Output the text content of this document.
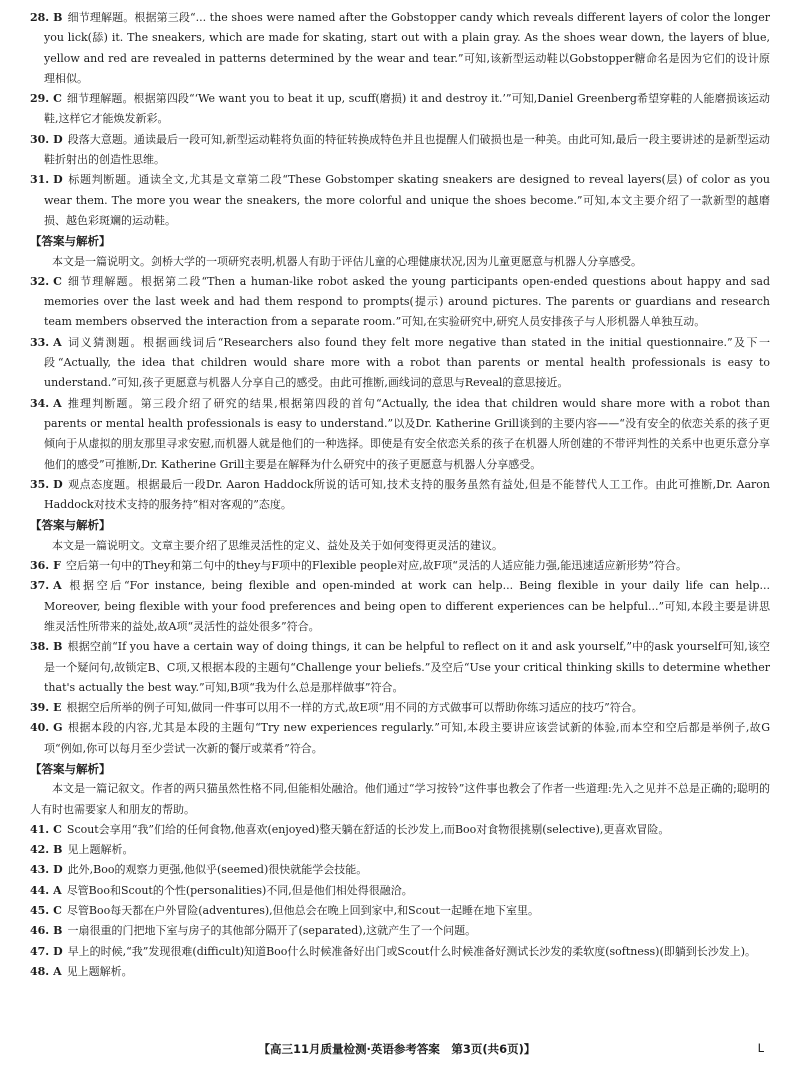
28. B 细节理解题。根据第三段“... the shoes were named after the Gobstopper candy which reveals different layers of color the longer you lick(舔) it. The sneakers, which are made for skating, start out with a plain gray. As the shoes wear down, the layers of blue, yellow and red are revealed in patterns determined by the wear and tear.”可知,该新型运动鞋以Gobstopper糖命名是因为它们的设计原理相似。

29. C 细节理解题。根据第四段“‘We want you to beat it up, scuff(磨损) it and destroy it.’”可知,Daniel Greenberg希望穿鞋的人能磨损该运动鞋,这样它才能焕发新彩。

30. D 段落大意题。通读最后一段可知,新型运动鞋将负面的特征转换成特色并且也提醒人们破损也是一种美。由此可知,最后一段主要讲述的是新型运动鞋折射出的创造性思维。

31. D 标题判断题。通读全文,尤其是文章第二段“These Gobstomper skating sneakers are designed to reveal layers(层) of color as you wear them. The more you wear the sneakers, the more colorful and unique the shoes become.”可知,本文主要介绍了一款新型的越磨损、越色彩斑斓的运动鞋。

【答案与解析】

本文是一篇说明文。剑桥大学的一项研究表明,机器人有助于评估儿童的心理健康状况,因为儿童更愿意与机器人分享感受。

32. C 细节理解题。根据第二段“Then a human-like robot asked the young participants open-ended questions about happy and sad memories over the last week and had them respond to prompts(提示) around pictures. The parents or guardians and research team members observed the interaction from a separate room.”可知,在实验研究中,研究人员安排孩子与人形机器人单独互动。

33. A 词义猜测题。根据画线词后“Researchers also found they felt more negative than stated in the initial questionnaire.”及下一段“Actually, the idea that children would share more with a robot than parents or mental health professionals is easy to understand.”可知,孩子更愿意与机器人分享自己的感受。由此可推断,画线词的意思与Reveal的意思接近。

34. A 推理判断题。第三段介绍了研究的结果,根据第四段的首句“Actually, the idea that children would share more with a robot than parents or mental health professionals is easy to understand.”以及Dr. Katherine Grill谈到的主要内容——“没有安全的依恋关系的孩子更倾向于从虚拟的朋友那里寻求安慰,而机器人就是他们的一种选择。即使是有安全依恋关系的孩子在机器人所创建的不带评判性的关系中也更乐意分享他们的感受”可推断,Dr. Katherine Grill主要是在解释为什么研究中的孩子更愿意与机器人分享感受。

35. D 观点态度题。根据最后一段Dr. Aaron Haddock所说的话可知,技术支持的服务虽然有益处,但是不能替代人工工作。由此可推断,Dr. Aaron Haddock对技术支持的服务持“相对客观的”态度。

【答案与解析】

本文是一篇说明文。文章主要介绍了思维灵活性的定义、益处及关于如何变得更灵活的建议。

36. F 空后第一句中的They和第二句中的they与F项中的Flexible people对应,故F项“灵活的人适应能力强,能迅速适应新形势”符合。

37. A 根据空后“For instance, being flexible and open-minded at work can help... Being flexible in your daily life can help... Moreover, being flexible with your food preferences and being open to different experiences can be helpful...”可知,本段主要是讲思维灵活性所带来的益处,故A项“灵活性的益处很多”符合。

38. B 根据空前“If you have a certain way of doing things, it can be helpful to reflect on it and ask yourself,”中的ask yourself可知,该空是一个疑问句,故锁定B、C项,又根据本段的主题句“Challenge your beliefs.”及空后“Use your critical thinking skills to determine whether that's actually the best way.”可知,B项“我为什么总是那样做事”符合。

39. E 根据空后所举的例子可知,做同一件事可以用不一样的方式,故E项“用不同的方式做事可以帮助你练习适应的技巧”符合。

40. G 根据本段的内容,尤其是本段的主题句“Try new experiences regularly.”可知,本段主要讲应该尝试新的体验,而本空和空后都是举例子,故G项“例如,你可以每月至少尝试一次新的餐厅或菜肴”符合。

【答案与解析】

本文是一篇记叙文。作者的两只猫虽然性格不同,但能相处融洽。他们通过“学习按铃”这件事也教会了作者一些道理:先入之见并不总是正确的;聪明的人有时也需要家人和朋友的帮助。

41. C Scout会享用“我”们给的任何食物,他喜欢(enjoyed)整天躺在舒适的长沙发上,而Boo对食物很挑剔(selective),更喜欢冒险。

42. B 见上题解析。

43. D 此外,Boo的观察力更强,他似乎(seemed)很快就能学会技能。

44. A 尽管Boo和Scout的个性(personalities)不同,但是他们相处得很融洽。

45. C 尽管Boo每天都在户外冒险(adventures),但他总会在晚上回到家中,和Scout一起睡在地下室里。

46. B 一扇很重的门把地下室与房子的其他部分隔开了(separated),这就产生了一个问题。

47. D 早上的时候,“我”发现很难(difficult)知道Boo什么时候准备好出门或Scout什么时候准备好测试长沙发的柔软度(softness)(即躺到长沙发上)。

48. A 见上题解析。

【高三11月质量检测·英语参考答案　第3页(共6页)】	L
